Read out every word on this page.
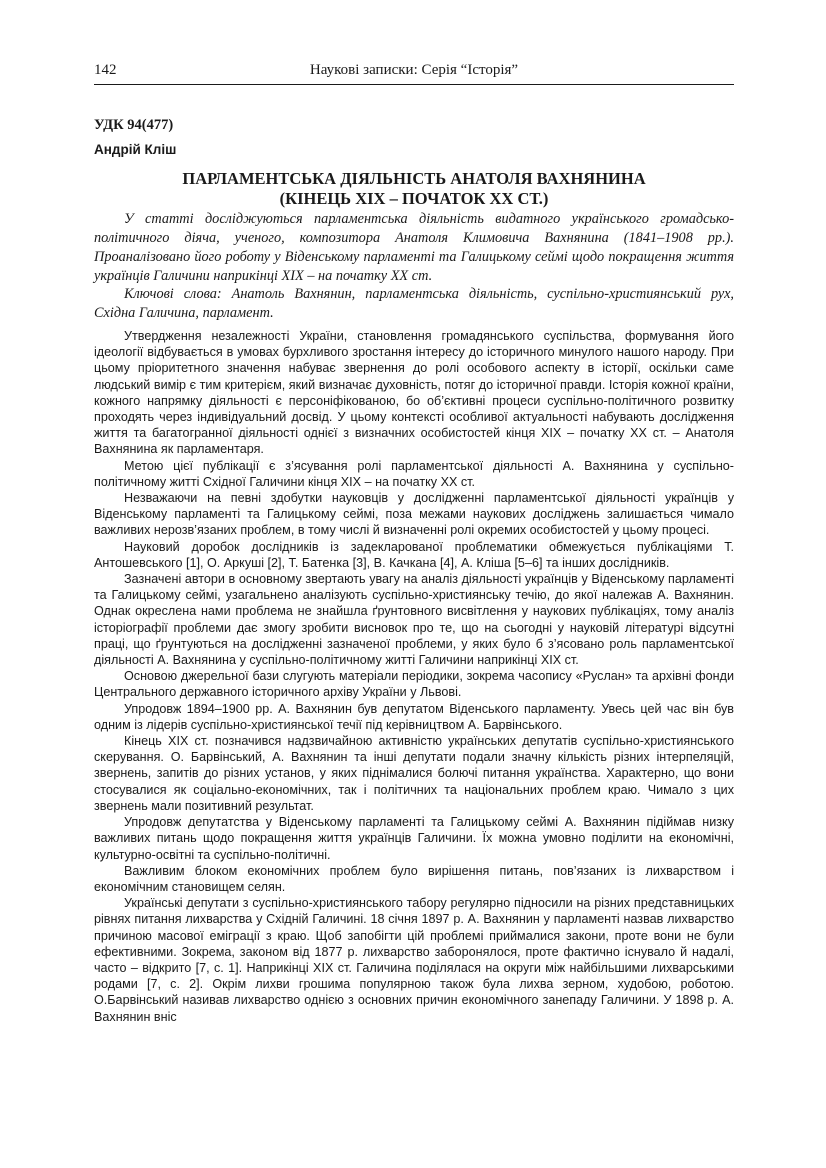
142	Наукові записки: Серія “Історія”
УДК 94(477)
Андрій Кліш
ПАРЛАМЕНТСЬКА ДІЯЛЬНІСТЬ АНАТОЛЯ ВАХНЯНИНА
(КІНЕЦЬ ХІХ – ПОЧАТОК ХХ СТ.)
У статті досліджуються парламентська діяльність видатного українського громадсько-політичного діяча, ученого, композитора Анатоля Климовича Вахнянина (1841–1908 рр.). Проаналізовано його роботу у Віденському парламенті та Галицькому сеймі щодо покращення життя українців Галичини наприкінці ХІХ – на початку ХХ ст.
Ключові слова: Анатоль Вахнянин, парламентська діяльність, суспільно-християнський рух, Східна Галичина, парламент.

Утвердження незалежності України, становлення громадянського суспільства, формування його ідеології відбувається в умовах бурхливого зростання інтересу до історичного минулого нашого народу. При цьому пріоритетного значення набуває звернення до ролі особового аспекту в історії, оскільки саме людський вимір є тим критерієм, який визначає духовність, потяг до історичної правди. Історія кожної країни, кожного напрямку діяльності є персоніфікованою, бо об’єктивні процеси суспільно-політичного розвитку проходять через індивідуальний досвід. У цьому контексті особливої актуальності набувають дослідження життя та багатогранної діяльності однієї з визначних особистостей кінця ХІХ – початку ХХ ст. – Анатоля Вахнянина як парламентаря.

Метою цієї публікації є з’ясування ролі парламентської діяльності А. Вахнянина у суспільно-політичному житті Східної Галичини кінця ХІХ – на початку ХХ ст.

Незважаючи на певні здобутки науковців у дослідженні парламентської діяльності українців у Віденському парламенті та Галицькому сеймі, поза межами наукових досліджень залишається чимало важливих нерозв’язаних проблем, в тому числі й визначенні ролі окремих особистостей у цьому процесі.

Науковий доробок дослідників із задекларованої проблематики обмежується публікаціями Т. Антошевського [1], О. Аркуші [2], Т. Батенка [3], В. Качкана [4], А. Кліша [5–6] та інших дослідників.

Зазначені автори в основному звертають увагу на аналіз діяльності українців у Віденському парламенті та Галицькому сеймі, узагальнено аналізують суспільно-християнську течію, до якої належав А. Вахнянин. Однак окреслена нами проблема не знайшла ґрунтовного висвітлення у наукових публікаціях, тому аналіз історіографії проблеми дає змогу зробити висновок про те, що на сьогодні у науковій літературі відсутні праці, що ґрунтуються на дослідженні зазначеної проблеми, у яких було б з’ясовано роль парламентської діяльності А. Вахнянина у суспільно-політичному житті Галичини наприкінці ХІХ ст.

Основою джерельної бази слугують матеріали періодики, зокрема часопису «Руслан» та архівні фонди Центрального державного історичного архіву України у Львові.

Упродовж 1894–1900 рр. А. Вахнянин був депутатом Віденського парламенту. Увесь цей час він був одним із лідерів суспільно-християнської течії під керівництвом А. Барвінського.

Кінець ХІХ ст. позначився надзвичайною активністю українських депутатів суспільно-християнського скерування. О. Барвінський, А. Вахнянин та інші депутати подали значну кількість різних інтерпеляцій, звернень, запитів до різних установ, у яких піднімалися болючі питання українства. Характерно, що вони стосувалися як соціально-економічних, так і політичних та національних проблем краю. Чимало з цих звернень мали позитивний результат.

Упродовж депутатства у Віденському парламенті та Галицькому сеймі А. Вахнянин підіймав низку важливих питань щодо покращення життя українців Галичини. Їх можна умовно поділити на економічні, культурно-освітні та суспільно-політичні.

Важливим блоком економічних проблем було вирішення питань, пов’язаних із лихварством і економічним становищем селян.

Українські депутати з суспільно-християнського табору регулярно підносили на різних представницьких рівнях питання лихварства у Східній Галичині. 18 січня 1897 р. А. Вахнянин у парламенті назвав лихварство причиною масової еміграції з краю. Щоб запобігти цій проблемі приймалися закони, проте вони не були ефективними. Зокрема, законом від 1877 р. лихварство заборонялося, проте фактично існувало й надалі, часто – відкрито [7, с. 1]. Наприкінці ХІХ ст. Галичина поділялася на округи між найбільшими лихварськими родами [7, с. 2]. Окрім лихви грошима популярною також була лихва зерном, худобою, роботою. О.Барвінський називав лихварство однією з основних причин економічного занепаду Галичини. У 1898 р. А. Вахнянин вніс
